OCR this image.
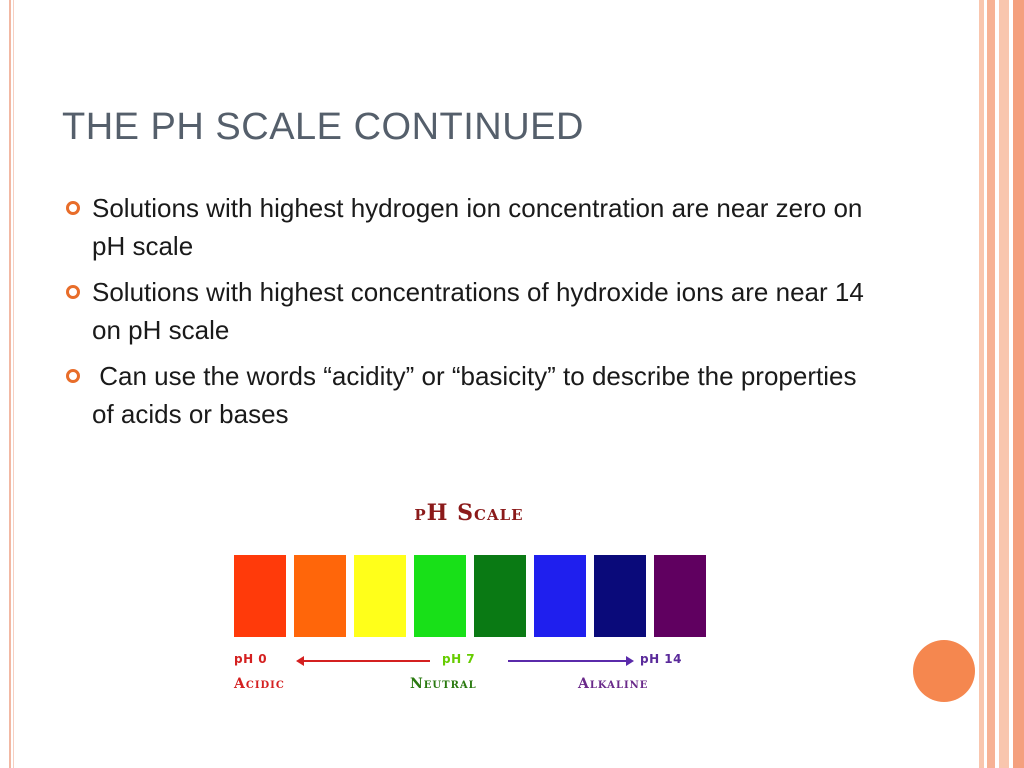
THE PH SCALE CONTINUED
Solutions with highest hydrogen ion concentration are near zero on pH scale
Solutions with highest concentrations of hydroxide ions are near 14 on pH scale
Can use the words “acidity” or “basicity” to describe the properties of acids or bases
pH Scale
pH 0	pH 7	pH 14
Acidic	Neutral	Alkaline
